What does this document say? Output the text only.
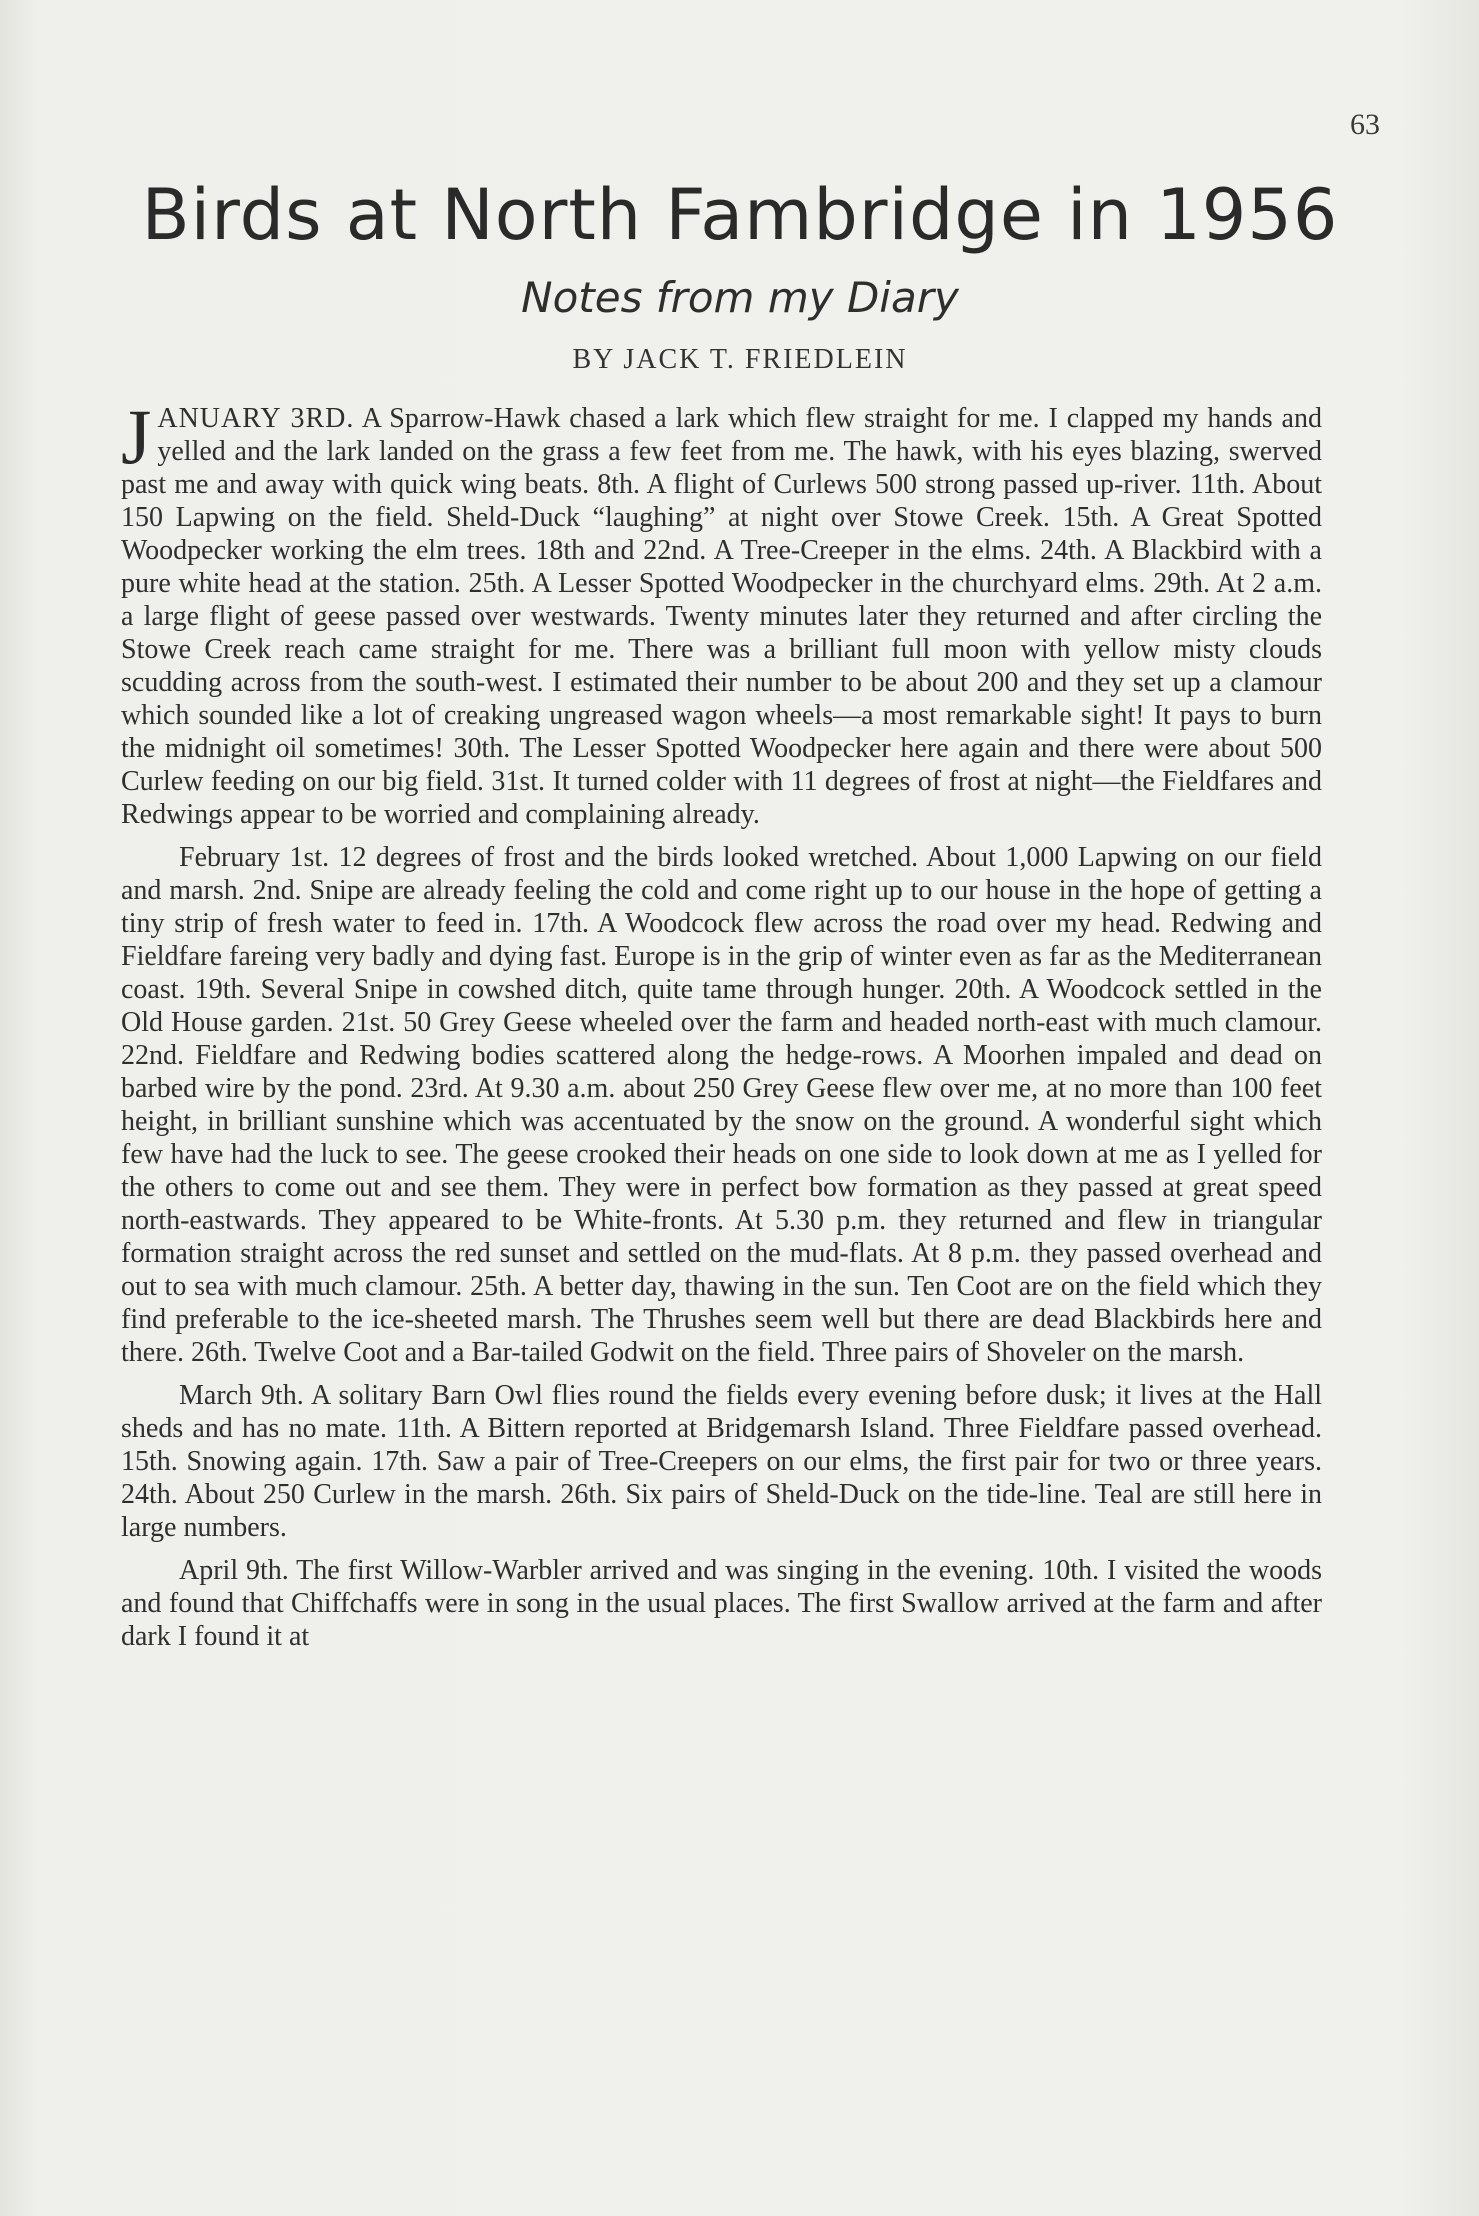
63
Birds at North Fambridge in 1956
Notes from my Diary
BY JACK T. FRIEDLEIN

JANUARY 3RD. A Sparrow-Hawk chased a lark which flew straight for me. I clapped my hands and yelled and the lark landed on the grass a few feet from me. The hawk, with his eyes blazing, swerved past me and away with quick wing beats. 8th. A flight of Curlews 500 strong passed up-river. 11th. About 150 Lapwing on the field. Sheld-Duck “laughing” at night over Stowe Creek. 15th. A Great Spotted Woodpecker working the elm trees. 18th and 22nd. A Tree-Creeper in the elms. 24th. A Blackbird with a pure white head at the station. 25th. A Lesser Spotted Woodpecker in the churchyard elms. 29th. At 2 a.m. a large flight of geese passed over westwards. Twenty minutes later they returned and after circling the Stowe Creek reach came straight for me. There was a brilliant full moon with yellow misty clouds scudding across from the south-west. I estimated their number to be about 200 and they set up a clamour which sounded like a lot of creaking ungreased wagon wheels—a most remarkable sight! It pays to burn the midnight oil sometimes! 30th. The Lesser Spotted Woodpecker here again and there were about 500 Curlew feeding on our big field. 31st. It turned colder with 11 degrees of frost at night—the Fieldfares and Redwings appear to be worried and complaining already.

February 1st. 12 degrees of frost and the birds looked wretched. About 1,000 Lapwing on our field and marsh. 2nd. Snipe are already feeling the cold and come right up to our house in the hope of getting a tiny strip of fresh water to feed in. 17th. A Woodcock flew across the road over my head. Redwing and Fieldfare fareing very badly and dying fast. Europe is in the grip of winter even as far as the Mediterranean coast. 19th. Several Snipe in cowshed ditch, quite tame through hunger. 20th. A Woodcock settled in the Old House garden. 21st. 50 Grey Geese wheeled over the farm and headed north-east with much clamour. 22nd. Fieldfare and Redwing bodies scattered along the hedge-rows. A Moorhen impaled and dead on barbed wire by the pond. 23rd. At 9.30 a.m. about 250 Grey Geese flew over me, at no more than 100 feet height, in brilliant sunshine which was accentuated by the snow on the ground. A wonderful sight which few have had the luck to see. The geese crooked their heads on one side to look down at me as I yelled for the others to come out and see them. They were in perfect bow formation as they passed at great speed north-eastwards. They appeared to be White-fronts. At 5.30 p.m. they returned and flew in triangular formation straight across the red sunset and settled on the mud-flats. At 8 p.m. they passed overhead and out to sea with much clamour. 25th. A better day, thawing in the sun. Ten Coot are on the field which they find preferable to the ice-sheeted marsh. The Thrushes seem well but there are dead Blackbirds here and there. 26th. Twelve Coot and a Bar-tailed Godwit on the field. Three pairs of Shoveler on the marsh.

March 9th. A solitary Barn Owl flies round the fields every evening before dusk; it lives at the Hall sheds and has no mate. 11th. A Bittern reported at Bridgemarsh Island. Three Fieldfare passed overhead. 15th. Snowing again. 17th. Saw a pair of Tree-Creepers on our elms, the first pair for two or three years. 24th. About 250 Curlew in the marsh. 26th. Six pairs of Sheld-Duck on the tide-line. Teal are still here in large numbers.

April 9th. The first Willow-Warbler arrived and was singing in the evening. 10th. I visited the woods and found that Chiffchaffs were in song in the usual places. The first Swallow arrived at the farm and after dark I found it at
